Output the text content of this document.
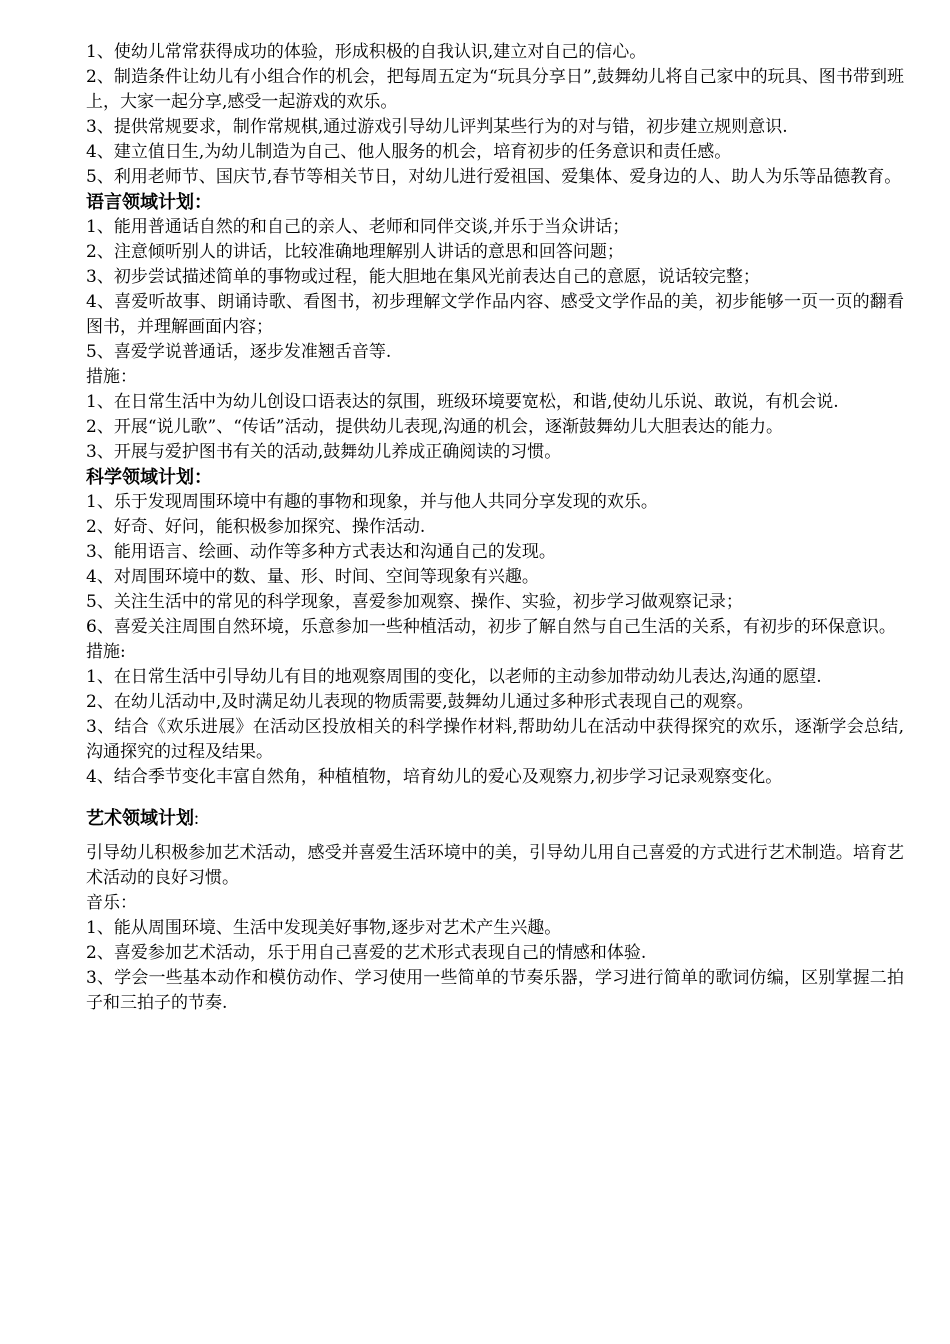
1、使幼儿常常获得成功的体验，形成积极的自我认识,建立对自己的信心。

2、制造条件让幼儿有小组合作的机会，把每周五定为“玩具分享日”,鼓舞幼儿将自己家中的玩具、图书带到班上，大家一起分享,感受一起游戏的欢乐。

3、提供常规要求，制作常规棋,通过游戏引导幼儿评判某些行为的对与错，初步建立规则意识.

4、建立值日生,为幼儿制造为自己、他人服务的机会，培育初步的任务意识和责任感。

5、利用老师节、国庆节,春节等相关节日，对幼儿进行爱祖国、爱集体、爱身边的人、助人为乐等品德教育。

语言领域计划：

1、能用普通话自然的和自己的亲人、老师和同伴交谈,并乐于当众讲话；

2、注意倾听别人的讲话，比较准确地理解别人讲话的意思和回答问题；

3、初步尝试描述简单的事物或过程，能大胆地在集风光前表达自己的意愿，说话较完整；

4、喜爱听故事、朗诵诗歌、看图书，初步理解文学作品内容、感受文学作品的美，初步能够一页一页的翻看图书，并理解画面内容；

5、喜爱学说普通话，逐步发准翘舌音等.

措施：

1、在日常生活中为幼儿创设口语表达的氛围，班级环境要宽松，和谐,使幼儿乐说、敢说，有机会说.

2、开展“说儿歌”、“传话”活动，提供幼儿表现,沟通的机会，逐渐鼓舞幼儿大胆表达的能力。

3、开展与爱护图书有关的活动,鼓舞幼儿养成正确阅读的习惯。

科学领域计划：

1、乐于发现周围环境中有趣的事物和现象，并与他人共同分享发现的欢乐。

2、好奇、好问，能积极参加探究、操作活动.

3、能用语言、绘画、动作等多种方式表达和沟通自己的发现。

4、对周围环境中的数、量、形、时间、空间等现象有兴趣。

5、关注生活中的常见的科学现象，喜爱参加观察、操作、实验，初步学习做观察记录；

6、喜爱关注周围自然环境，乐意参加一些种植活动，初步了解自然与自己生活的关系，有初步的环保意识。

措施:

1、在日常生活中引导幼儿有目的地观察周围的变化，以老师的主动参加带动幼儿表达,沟通的愿望.

2、在幼儿活动中,及时满足幼儿表现的物质需要,鼓舞幼儿通过多种形式表现自己的观察。

3、结合《欢乐进展》在活动区投放相关的科学操作材料,帮助幼儿在活动中获得探究的欢乐，逐渐学会总结,沟通探究的过程及结果。

4、结合季节变化丰富自然角，种植植物，培育幼儿的爱心及观察力,初步学习记录观察变化。

艺术领域计划:

引导幼儿积极参加艺术活动，感受并喜爱生活环境中的美，引导幼儿用自己喜爱的方式进行艺术制造。培育艺术活动的良好习惯。

音乐：

1、能从周围环境、生活中发现美好事物,逐步对艺术产生兴趣。

2、喜爱参加艺术活动，乐于用自己喜爱的艺术形式表现自己的情感和体验.

3、学会一些基本动作和模仿动作、学习使用一些简单的节奏乐器，学习进行简单的歌词仿编，区别掌握二拍子和三拍子的节奏.
